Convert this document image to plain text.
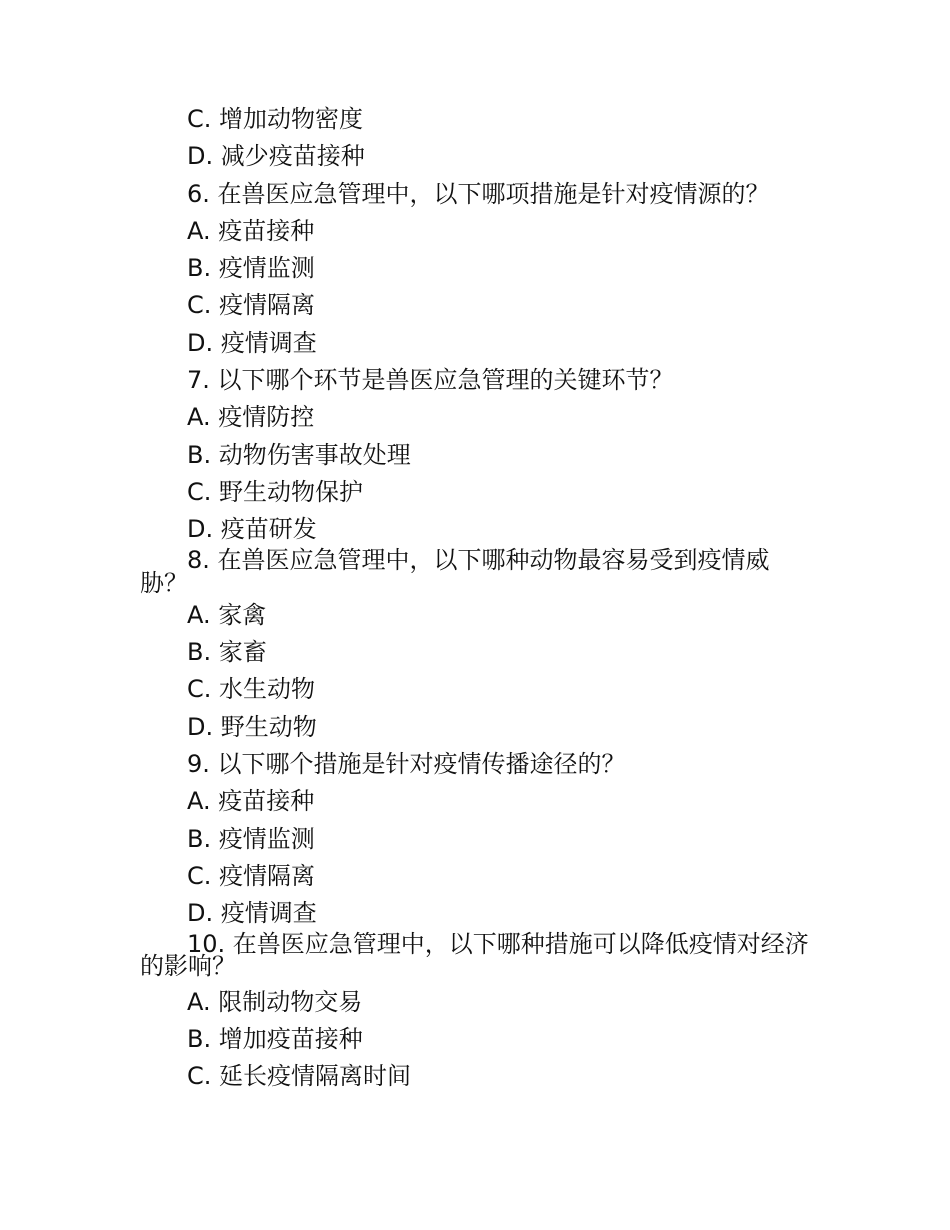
C. 增加动物密度
D. 减少疫苗接种
6. 在兽医应急管理中，以下哪项措施是针对疫情源的？
A. 疫苗接种
B. 疫情监测
C. 疫情隔离
D. 疫情调查
7. 以下哪个环节是兽医应急管理的关键环节？
A. 疫情防控
B. 动物伤害事故处理
C. 野生动物保护
D. 疫苗研发
8. 在兽医应急管理中，以下哪种动物最容易受到疫情威胁？
A. 家禽
B. 家畜
C. 水生动物
D. 野生动物
9. 以下哪个措施是针对疫情传播途径的？
A. 疫苗接种
B. 疫情监测
C. 疫情隔离
D. 疫情调查
10. 在兽医应急管理中，以下哪种措施可以降低疫情对经济的影响？
A. 限制动物交易
B. 增加疫苗接种
C. 延长疫情隔离时间
